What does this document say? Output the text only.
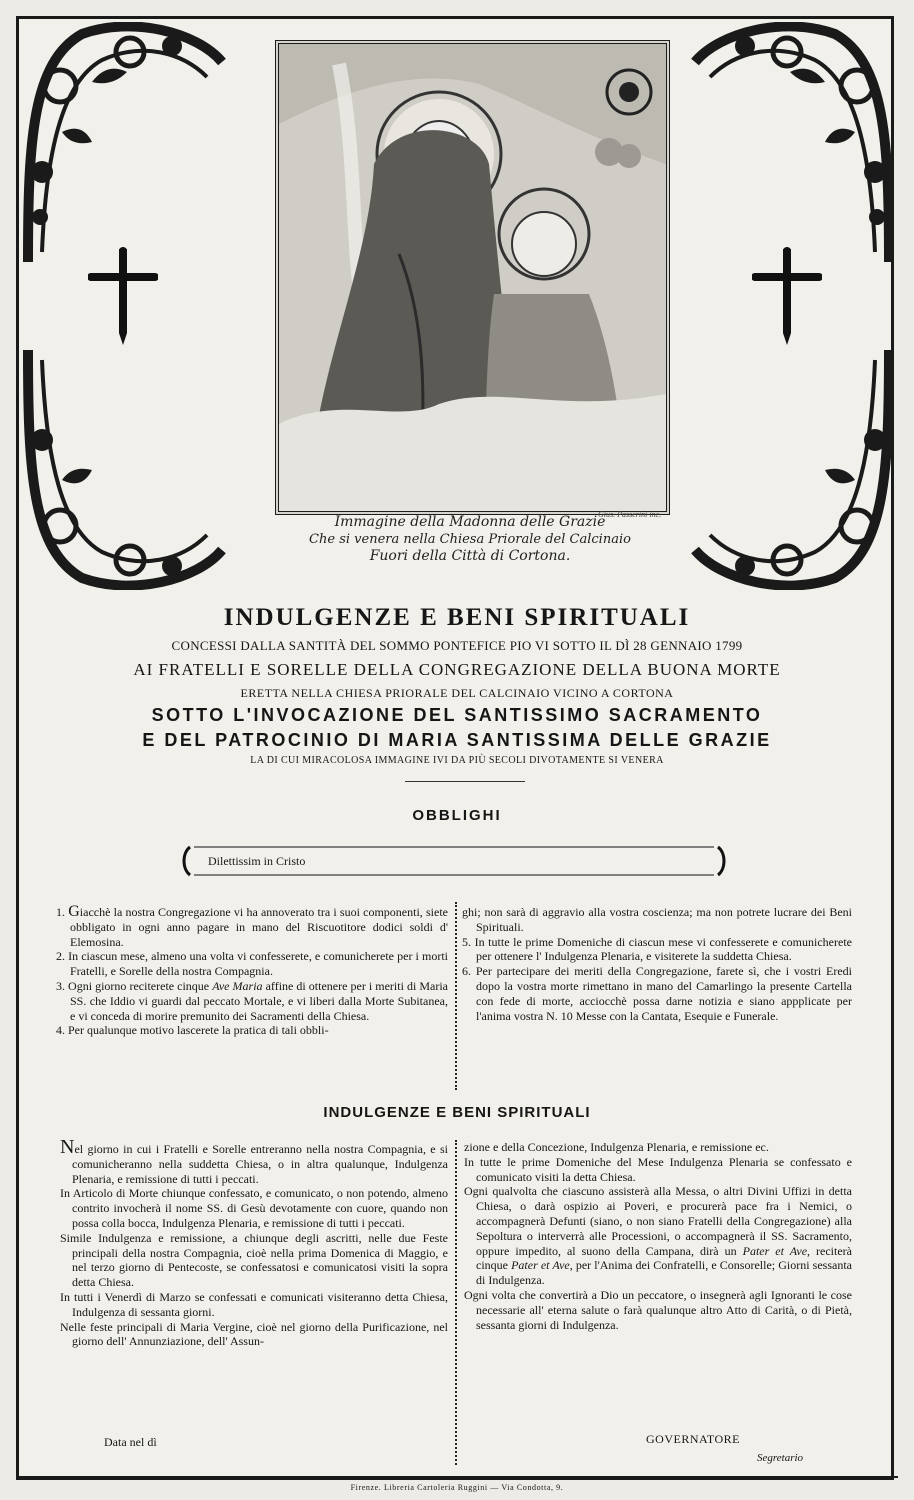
Gius. Passerini inc.
Immagine della Madonna delle Grazie
Che si venera nella Chiesa Priorale del Calcinaio
Fuori della Città di Cortona.
INDULGENZE E BENI SPIRITUALI
CONCESSI DALLA SANTITÀ DEL SOMMO PONTEFICE PIO VI SOTTO IL DÌ 28 GENNAIO 1799
AI FRATELLI E SORELLE DELLA CONGREGAZIONE DELLA BUONA MORTE
ERETTA NELLA CHIESA PRIORALE DEL CALCINAIO VICINO A CORTONA
SOTTO L'INVOCAZIONE DEL SANTISSIMO SACRAMENTO
E DEL PATROCINIO DI MARIA SANTISSIMA DELLE GRAZIE
LA DI CUI MIRACOLOSA IMMAGINE IVI DA PIÙ SECOLI DIVOTAMENTE SI VENERA
OBBLIGHI
Dilettissim in Cristo

1. Giacchè la nostra Congregazione vi ha annoverato tra i suoi componenti, siete obbligato in ogni anno pagare in mano del Riscuotitore dodici soldi d' Elemosina.

2. In ciascun mese, almeno una volta vi confesserete, e comunicherete per i morti Fratelli, e Sorelle della nostra Compagnia.

3. Ogni giorno reciterete cinque Ave Maria affine di ottenere per i meriti di Maria SS. che Iddio vi guardi dal peccato Mortale, e vi liberi dalla Morte Subitanea, e vi conceda di morire premunito dei Sacramenti della Chiesa.

4. Per qualunque motivo lascerete la pratica di tali obbli-

ghi; non sarà di aggravio alla vostra coscienza; ma non potrete lucrare dei Beni Spirituali.

5. In tutte le prime Domeniche di ciascun mese vi confesserete e comunicherete per ottenere l' Indulgenza Plenaria, e visiterete la suddetta Chiesa.

6. Per partecipare dei meriti della Congregazione, farete sì, che i vostri Eredi dopo la vostra morte rimettano in mano del Camarlingo la presente Cartella con fede di morte, acciocchè possa darne notizia e siano appplicate per l'anima vostra N. 10 Messe con la Cantata, Esequie e Funerale.

INDULGENZE E BENI SPIRITUALI

Nel giorno in cui i Fratelli e Sorelle entreranno nella nostra Compagnia, e si comunicheranno nella suddetta Chiesa, o in altra qualunque, Indulgenza Plenaria, e remissione di tutti i peccati.

In Articolo di Morte chiunque confessato, e comunicato, o non potendo, almeno contrito invocherà il nome SS. di Gesù devotamente con cuore, quando non possa colla bocca, Indulgenza Plenaria, e remissione di tutti i peccati.

Simile Indulgenza e remissione, a chiunque degli ascritti, nelle due Feste principali della nostra Compagnia, cioè nella prima Domenica di Maggio, e nel terzo giorno di Pentecoste, se confessatosi e comunicatosi visiti la sopra detta Chiesa.

In tutti i Venerdì di Marzo se confessati e comunicati visiteranno detta Chiesa, Indulgenza di sessanta giorni.

Nelle feste principali di Maria Vergine, cioè nel giorno della Purificazione, nel giorno dell' Annunziazione, dell' Assun-

zione e della Concezione, Indulgenza Plenaria, e remissione ec.

In tutte le prime Domeniche del Mese Indulgenza Plenaria se confessato e comunicato visiti la detta Chiesa.

Ogni qualvolta che ciascuno assisterà alla Messa, o altri Divini Uffizi in detta Chiesa, o darà ospizio ai Poveri, e procurerà pace fra i Nemici, o accompagnerà Defunti (siano, o non siano Fratelli della Congregazione) alla Sepoltura o interverrà alle Processioni, o accompagnerà il SS. Sacramento, oppure impedito, al suono della Campana, dirà un Pater et Ave, reciterà cinque Pater et Ave, per l'Anima dei Confratelli, e Consorelle; Giorni sessanta di Indulgenza.

Ogni volta che convertirà a Dio un peccatore, o insegnerà agli Ignoranti le cose necessarie all' eterna salute o farà qualunque altro Atto di Carità, o di Pietà, sessanta giorni di Indulgenza.

Data nel dì	GOVERNATORE
Segretario
Firenze. Libreria Cartoleria Ruggini — Via Condotta, 9.
